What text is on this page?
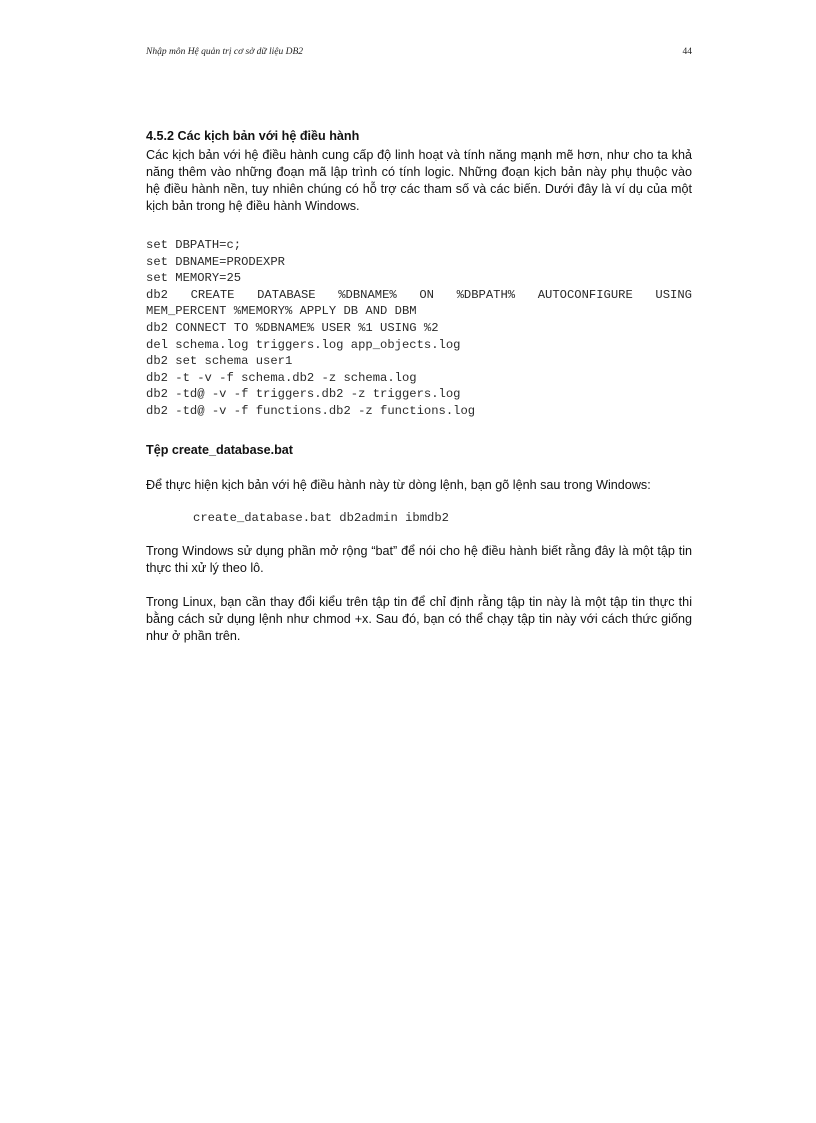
Nhập môn Hệ quản trị cơ sở dữ liệu DB2	44
4.5.2 Các kịch bản với hệ điều hành

Các kịch bản với hệ điều hành cung cấp độ linh hoạt và tính năng mạnh mẽ hơn, như cho ta khả năng thêm vào những đoạn mã lập trình có tính logic. Những đoạn kịch bản này phụ thuộc vào hệ điều hành nền, tuy nhiên chúng có hỗ trợ các tham số và các biến. Dưới đây là ví dụ của một kịch bản trong hệ điều hành Windows.

set DBPATH=c;
set DBNAME=PRODEXPR
set MEMORY=25
db2 CREATE DATABASE %DBNAME% ON %DBPATH% AUTOCONFIGURE USING
MEM_PERCENT %MEMORY% APPLY DB AND DBM
db2 CONNECT TO %DBNAME% USER %1 USING %2
del schema.log triggers.log app_objects.log
db2 set schema user1
db2 -t -v -f schema.db2 -z schema.log
db2 -td@ -v -f triggers.db2 -z triggers.log
db2 -td@ -v -f functions.db2 -z functions.log
Tệp create_database.bat

Để thực hiện kịch bản với hệ điều hành này từ dòng lệnh, bạn gõ lệnh sau trong Windows:

create_database.bat db2admin ibmdb2

Trong Windows sử dụng phần mở rộng “bat” để nói cho hệ điều hành biết rằng đây là một tập tin thực thi xử lý theo lô.

Trong Linux, bạn cần thay đổi kiểu trên tập tin để chỉ định rằng tập tin này là một tập tin thực thi bằng cách sử dụng lệnh như chmod +x. Sau đó, bạn có thể chạy tập tin này với cách thức giống như ở phần trên.
